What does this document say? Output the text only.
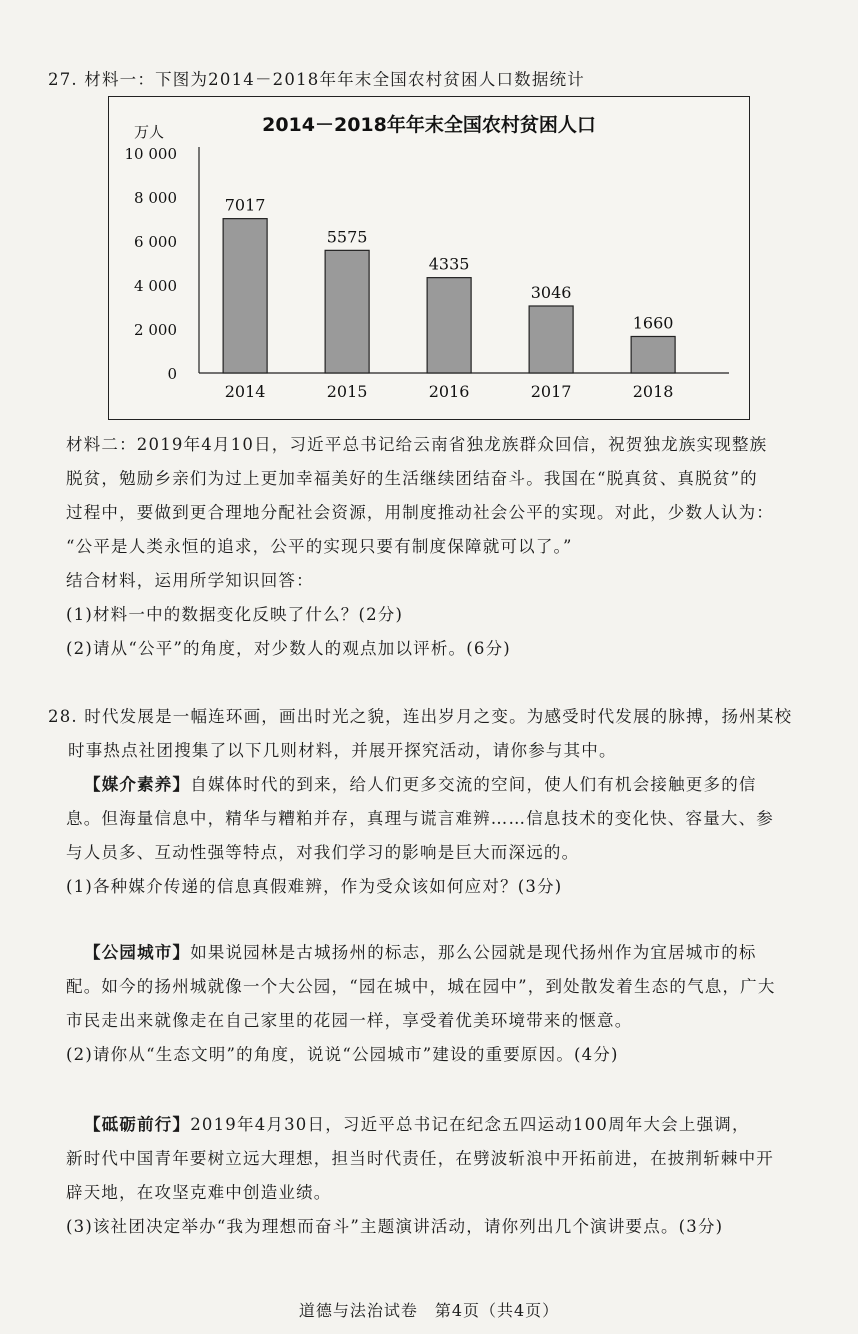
27. 材料一：下图为2014－2018年年末全国农村贫困人口数据统计
2014－2018年年末全国农村贫困人口
万人
0
2 000
4 000
6 000
8 000
10 000
7017
2014
5575
2015
4335
2016
3046
2017
1660
2018
材料二：2019年4月10日，习近平总书记给云南省独龙族群众回信，祝贺独龙族实现整族
脱贫，勉励乡亲们为过上更加幸福美好的生活继续团结奋斗。我国在“脱真贫、真脱贫”的
过程中，要做到更合理地分配社会资源，用制度推动社会公平的实现。对此，少数人认为：
“公平是人类永恒的追求，公平的实现只要有制度保障就可以了。”
结合材料，运用所学知识回答：
(1)材料一中的数据变化反映了什么？(2分)
(2)请从“公平”的角度，对少数人的观点加以评析。(6分)
28. 时代发展是一幅连环画，画出时光之貌，连出岁月之变。为感受时代发展的脉搏，扬州某校
时事热点社团搜集了以下几则材料，并展开探究活动，请你参与其中。
【媒介素养】自媒体时代的到来，给人们更多交流的空间，使人们有机会接触更多的信
息。但海量信息中，精华与糟粕并存，真理与谎言难辨……信息技术的变化快、容量大、参
与人员多、互动性强等特点，对我们学习的影响是巨大而深远的。
(1)各种媒介传递的信息真假难辨，作为受众该如何应对？(3分)
【公园城市】如果说园林是古城扬州的标志，那么公园就是现代扬州作为宜居城市的标
配。如今的扬州城就像一个大公园，“园在城中，城在园中”，到处散发着生态的气息，广大
市民走出来就像走在自己家里的花园一样，享受着优美环境带来的惬意。
(2)请你从“生态文明”的角度，说说“公园城市”建设的重要原因。(4分)
【砥砺前行】2019年4月30日，习近平总书记在纪念五四运动100周年大会上强调，
新时代中国青年要树立远大理想，担当时代责任，在劈波斩浪中开拓前进，在披荆斩棘中开
辟天地，在攻坚克难中创造业绩。
(3)该社团决定举办“我为理想而奋斗”主题演讲活动，请你列出几个演讲要点。(3分)
道德与法治试卷　第4页（共4页）
